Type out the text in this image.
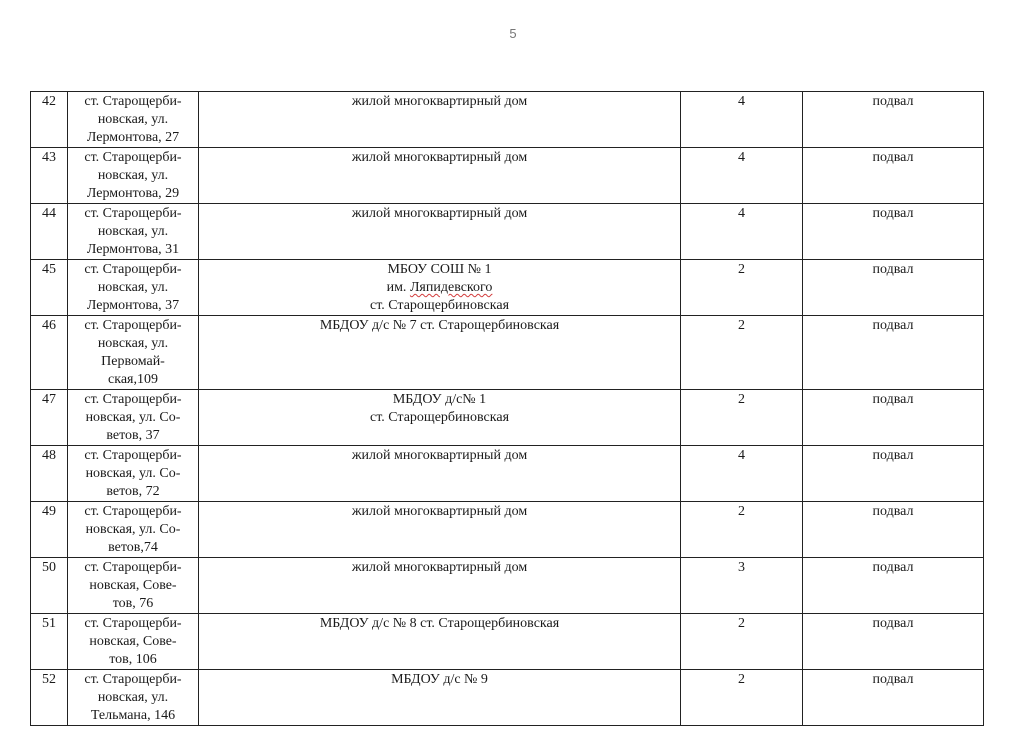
5
42	ст. Старощерби-
новская, ул.
Лермонтова, 27	жилой многоквартирный дом	4	подвал
43	ст. Старощерби-
новская, ул.
Лермонтова, 29	жилой многоквартирный дом	4	подвал
44	ст. Старощерби-
новская, ул.
Лермонтова, 31	жилой многоквартирный дом	4	подвал
45	ст. Старощерби-
новская, ул.
Лермонтова, 37	МБОУ СОШ № 1
им. Ляпидевского
ст. Старощербиновская	2	подвал
46	ст. Старощерби-
новская, ул.
Первомай-
ская,109	МБДОУ д/с № 7 ст. Старощербиновская	2	подвал
47	ст. Старощерби-
новская, ул. Со-
ветов, 37	МБДОУ д/с№ 1
ст. Старощербиновская	2	подвал
48	ст. Старощерби-
новская, ул. Со-
ветов, 72	жилой многоквартирный дом	4	подвал
49	ст. Старощерби-
новская, ул. Со-
ветов,74	жилой многоквартирный дом	2	подвал
50	ст. Старощерби-
новская, Сове-
тов, 76	жилой многоквартирный дом	3	подвал
51	ст. Старощерби-
новская, Сове-
тов, 106	МБДОУ д/с № 8 ст. Старощербиновская	2	подвал
52	ст. Старощерби-
новская, ул.
Тельмана, 146	МБДОУ д/с № 9	2	подвал
